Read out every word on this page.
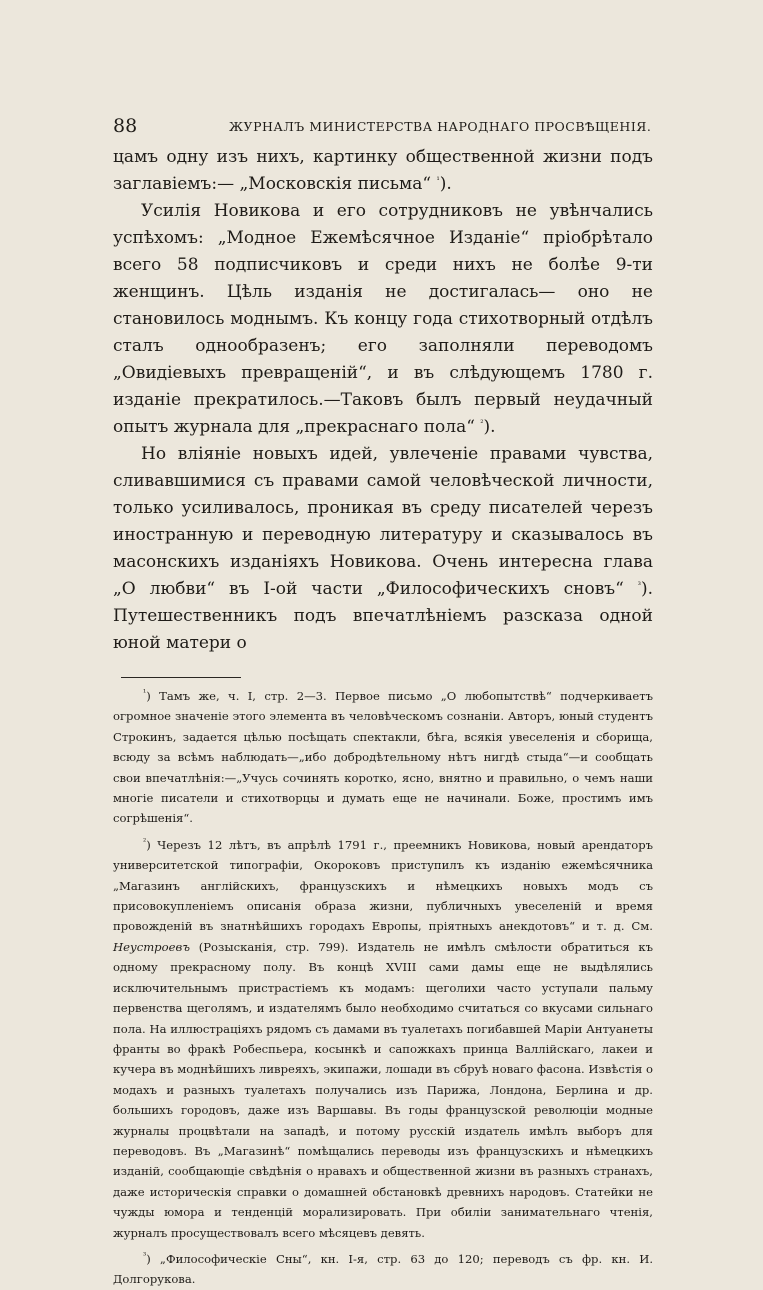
88	ЖУРНАЛЪ МИНИСТЕРСТВА НАРОДНАГО ПРОСВѢЩЕНІЯ.

цамъ одну изъ нихъ, картинку общественной жизни подъ заглавіемъ:— „Московскія письма“ $^{^1}$).

Усилія Новикова и его сотрудниковъ не увѣнчались успѣхомъ: „Модное Ежемѣсячное Изданіе“ пріобрѣтало всего 58 подписчиковъ и среди нихъ не болѣе 9-ти женщинъ. Цѣль изданія не достигалась— оно не становилось моднымъ. Къ концу года стихотворный отдѣлъ сталъ однообразенъ; его заполняли переводомъ „Овидіевыхъ превращеній“, и въ слѣдующемъ 1780 г. изданіе прекратилось.—Таковъ былъ первый неудачный опытъ журнала для „прекраснаго пола“ $^{^2}$).

Но вліяніе новыхъ идей, увлеченіе правами чувства, сливавшимися съ правами самой человѣческой личности, только усиливалось, проникая въ среду писателей черезъ иностранную и переводную литературу и сказывалось въ масонскихъ изданіяхъ Новикова. Очень интересна глава „О любви“ въ І-ой части „Философическихъ сновъ“ $^{^3}$). Путешественникъ подъ впечатлѣніемъ разсказа одной юной матери о

$^{^1}$) Тамъ же, ч. I, стр. 2—3. Первое письмо „О любопытствѣ“ подчеркиваетъ огромное значеніе этого элемента въ человѣческомъ сознаніи. Авторъ, юный студентъ Строкинъ, задается цѣлью посѣщать спектакли, бѣга, всякія увеселенія и сборища, всюду за всѣмъ наблюдать—„ибо добродѣтельному нѣтъ нигдѣ стыда“—и сообщать свои впечатлѣнія:—„Учусь сочинять коротко, ясно, внятно и правильно, о чемъ наши многіе писатели и стихотворцы и думать еще не начинали. Боже, простимъ имъ согрѣшенія“.

$^{^2}$) Черезъ 12 лѣтъ, въ апрѣлѣ 1791 г., преемникъ Новикова, новый арендаторъ университетской типографіи, Окороковъ приступилъ къ изданію ежемѣсячника „Магазинъ англійскихъ, французскихъ и нѣмецкихъ новыхъ модъ съ присовокупленіемъ описанія образа жизни, публичныхъ увеселеній и время провожденій въ знатнѣйшихъ городахъ Европы, пріятныхъ анекдотовъ“ и т. д. См. Неустроевъ (Розысканія, стр. 799). Издатель не имѣлъ смѣлости обратиться къ одному прекрасному полу. Въ концѣ XVIII сами дамы еще не выдѣлялись исключительнымъ пристрастіемъ къ модамъ: щеголихи часто уступали пальму первенства щеголямъ, и издателямъ было необходимо считаться со вкусами сильнаго пола. На иллюстраціяхъ рядомъ съ дамами въ туалетахъ погибавшей Маріи Антуанеты франты во фракѣ Робеспьера, косынкѣ и сапожкахъ принца Валлійскаго, лакеи и кучера въ моднѣйшихъ ливреяхъ, экипажи, лошади въ сбруѣ новаго фасона. Извѣстія о модахъ и разныхъ туалетахъ получались изъ Парижа, Лондона, Берлина и др. большихъ городовъ, даже изъ Варшавы. Въ годы французской революціи модные журналы процвѣтали на западѣ, и потому русскій издатель имѣлъ выборъ для переводовъ. Въ „Магазинѣ“ помѣщались переводы изъ французскихъ и нѣмецкихъ изданій, сообщающіе свѣдѣнія о нравахъ и общественной жизни въ разныхъ странахъ, даже историческія справки о домашней обстановкѣ древнихъ народовъ. Статейки не чужды юмора и тенденцій морализировать. При обиліи занимательнаго чтенія, журналъ просуществовалъ всего мѣсяцевъ девять.

$^{^3}$) „Философическіе Сны“, кн. I-я, стр. 63 до 120; переводъ съ фр. кн. И. Долгорукова.
